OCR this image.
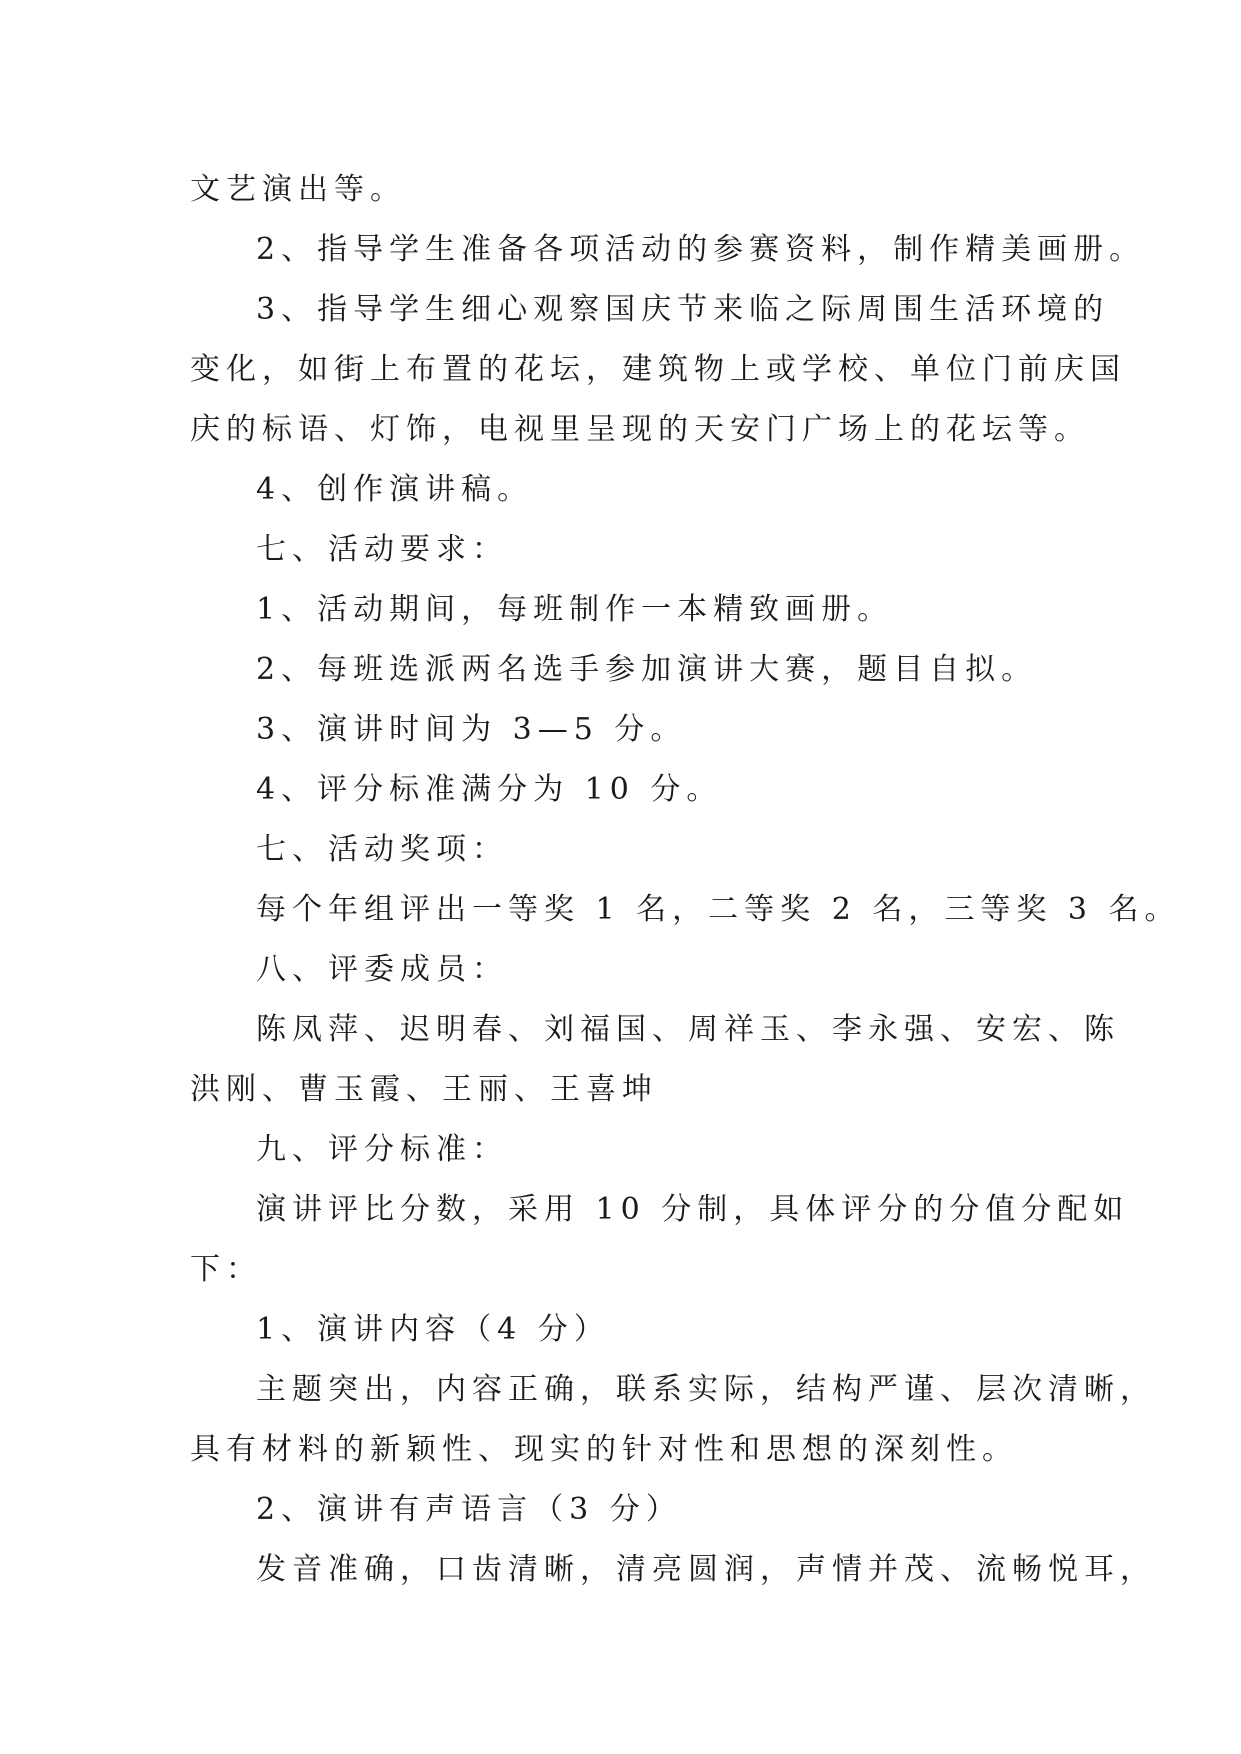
文艺演出等。
2、指导学生准备各项活动的参赛资料，制作精美画册。
3、指导学生细心观察国庆节来临之际周围生活环境的
变化，如街上布置的花坛，建筑物上或学校、单位门前庆国
庆的标语、灯饰，电视里呈现的天安门广场上的花坛等。
4、创作演讲稿。
七、活动要求：
1、活动期间，每班制作一本精致画册。
2、每班选派两名选手参加演讲大赛，题目自拟。
3、演讲时间为 3—5 分。
4、评分标准满分为 10 分。
七、活动奖项：
每个年组评出一等奖 1 名，二等奖 2 名，三等奖 3 名。
八、评委成员：
陈凤萍、迟明春、刘福国、周祥玉、李永强、安宏、陈
洪刚、曹玉霞、王丽、王喜坤
九、评分标准：
演讲评比分数，采用 10 分制，具体评分的分值分配如
下：
1、演讲内容（4 分）
主题突出，内容正确，联系实际，结构严谨、层次清晰，
具有材料的新颖性、现实的针对性和思想的深刻性。
2、演讲有声语言（3 分）
发音准确，口齿清晰，清亮圆润，声情并茂、流畅悦耳，
